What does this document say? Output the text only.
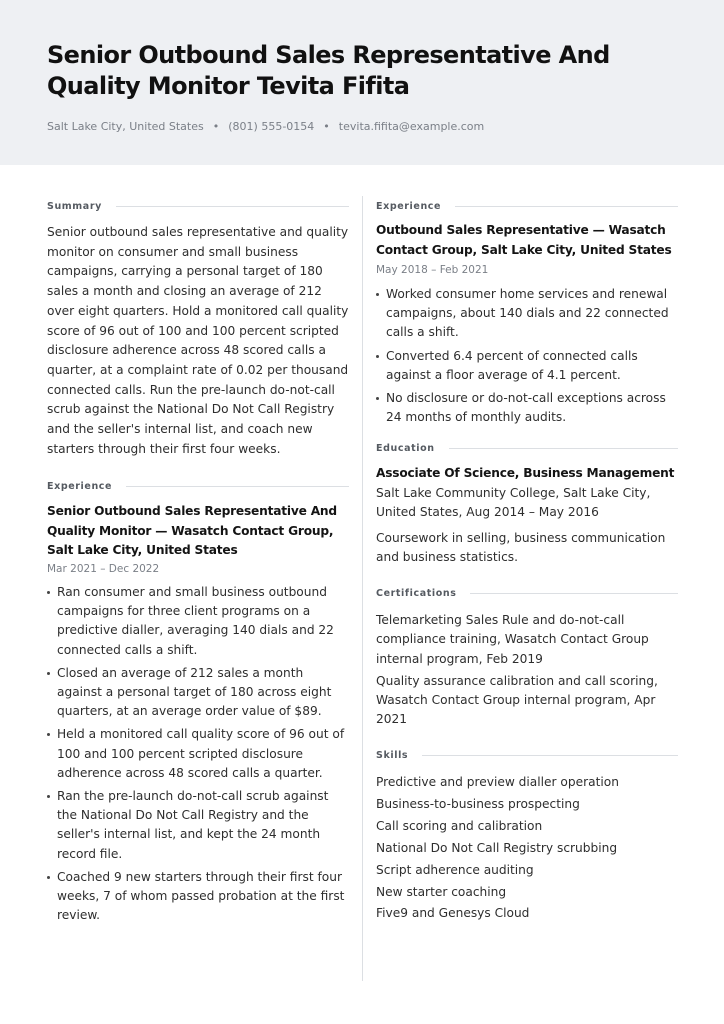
Senior Outbound Sales Representative And Quality Monitor Tevita Fifita
Salt Lake City, United States • (801) 555-0154 • tevita.fifita@example.com
Summary
Senior outbound sales representative and quality monitor on consumer and small business campaigns, carrying a personal target of 180 sales a month and closing an average of 212 over eight quarters. Hold a monitored call quality score of 96 out of 100 and 100 percent scripted disclosure adherence across 48 scored calls a quarter, at a complaint rate of 0.02 per thousand connected calls. Run the pre-launch do-not-call scrub against the National Do Not Call Registry and the seller's internal list, and coach new starters through their first four weeks.
Experience
Senior Outbound Sales Representative And Quality Monitor — Wasatch Contact Group, Salt Lake City, United States
Mar 2021 – Dec 2022
Ran consumer and small business outbound campaigns for three client programs on a predictive dialler, averaging 140 dials and 22 connected calls a shift.
Closed an average of 212 sales a month against a personal target of 180 across eight quarters, at an average order value of $89.
Held a monitored call quality score of 96 out of 100 and 100 percent scripted disclosure adherence across 48 scored calls a quarter.
Ran the pre-launch do-not-call scrub against the National Do Not Call Registry and the seller's internal list, and kept the 24 month record file.
Coached 9 new starters through their first four weeks, 7 of whom passed probation at the first review.
Experience
Outbound Sales Representative — Wasatch Contact Group, Salt Lake City, United States
May 2018 – Feb 2021
Worked consumer home services and renewal campaigns, about 140 dials and 22 connected calls a shift.
Converted 6.4 percent of connected calls against a floor average of 4.1 percent.
No disclosure or do-not-call exceptions across 24 months of monthly audits.
Education
Associate Of Science, Business Management
Salt Lake Community College, Salt Lake City, United States, Aug 2014 – May 2016
Coursework in selling, business communication and business statistics.
Certifications
Telemarketing Sales Rule and do-not-call compliance training, Wasatch Contact Group internal program, Feb 2019
Quality assurance calibration and call scoring, Wasatch Contact Group internal program, Apr 2021
Skills
Predictive and preview dialler operation
Business-to-business prospecting
Call scoring and calibration
National Do Not Call Registry scrubbing
Script adherence auditing
New starter coaching
Five9 and Genesys Cloud
